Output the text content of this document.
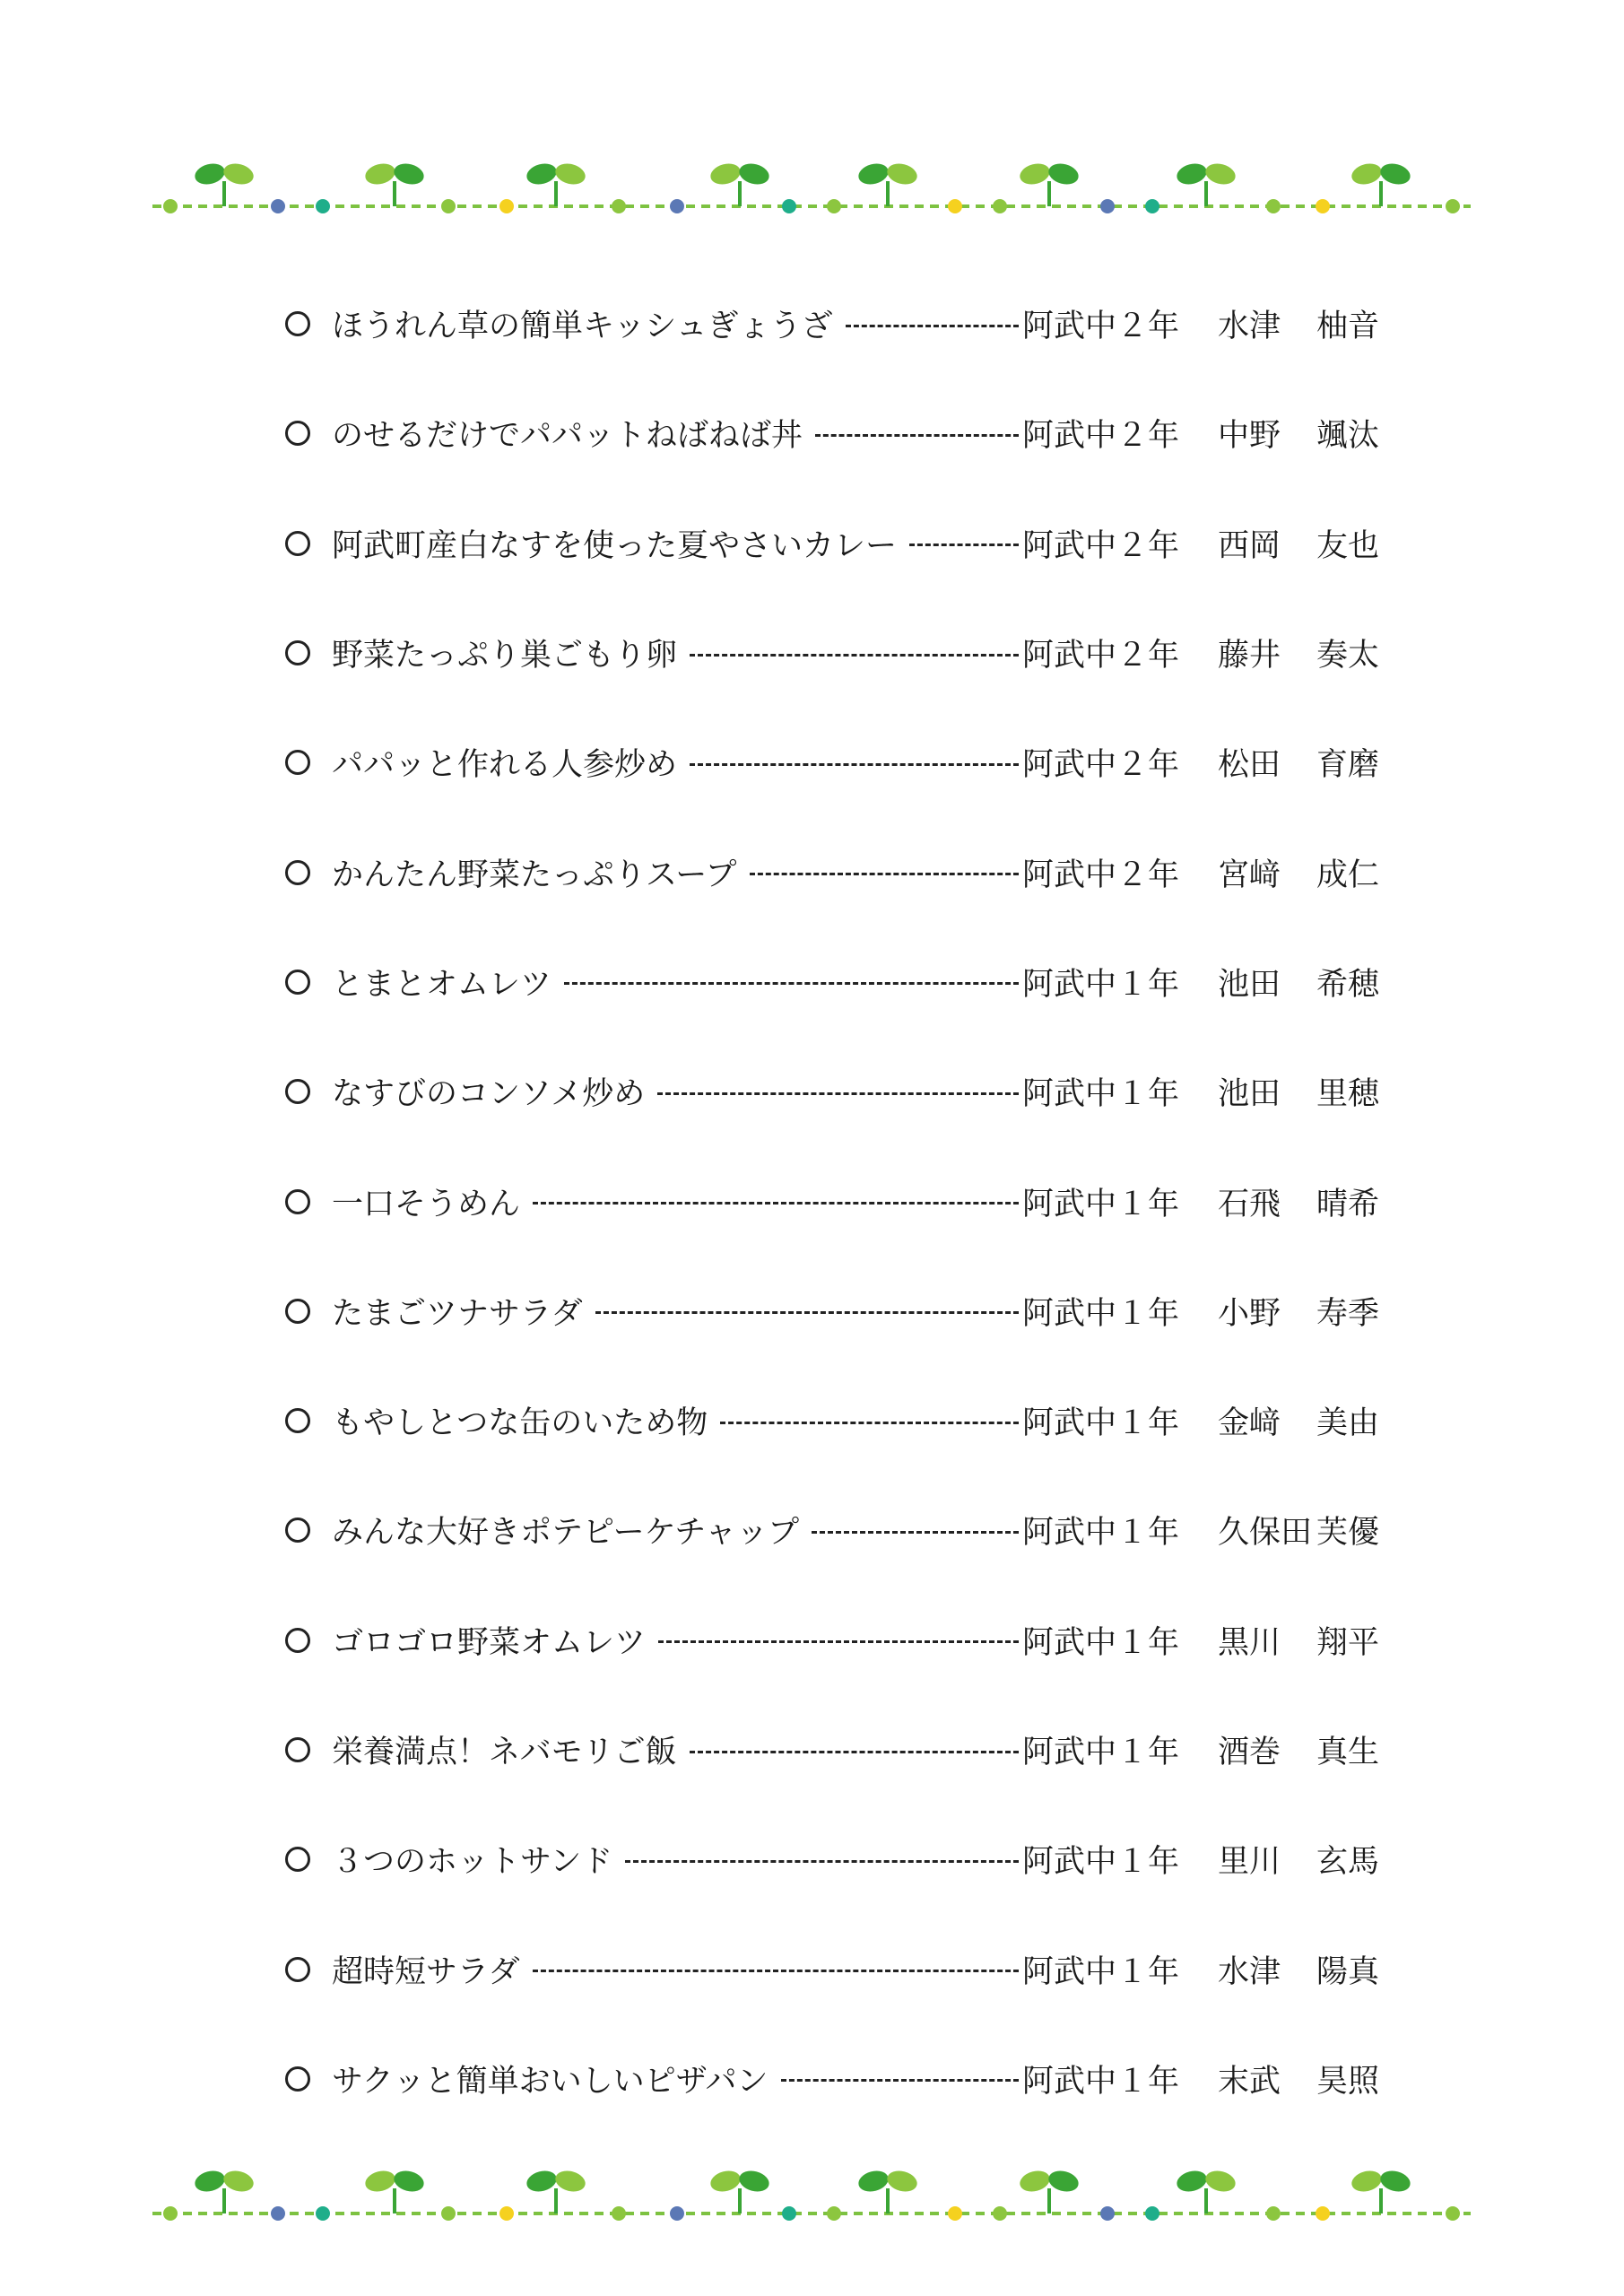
ほうれん草の簡単キッシュぎょうざ	阿武中２年	水津	柚音
のせるだけでパパットねばねば丼	阿武中２年	中野	颯汰
阿武町産白なすを使った夏やさいカレー	阿武中２年	西岡	友也
野菜たっぷり巣ごもり卵	阿武中２年	藤井	奏太
パパッと作れる人参炒め	阿武中２年	松田	育磨
かんたん野菜たっぷりスープ	阿武中２年	宮﨑	成仁
とまとオムレツ	阿武中１年	池田	希穂
なすびのコンソメ炒め	阿武中１年	池田	里穂
一口そうめん	阿武中１年	石飛	晴希
たまごツナサラダ	阿武中１年	小野	寿季
もやしとつな缶のいため物	阿武中１年	金﨑	美由
みんな大好きポテピーケチャップ	阿武中１年	久保田 芙優
ゴロゴロ野菜オムレツ	阿武中１年	黒川	翔平
栄養満点！ネバモリご飯	阿武中１年	酒巻	真生
３つのホットサンド	阿武中１年	里川	玄馬
超時短サラダ	阿武中１年	水津	陽真
サクッと簡単おいしいピザパン	阿武中１年	末武	昊照
